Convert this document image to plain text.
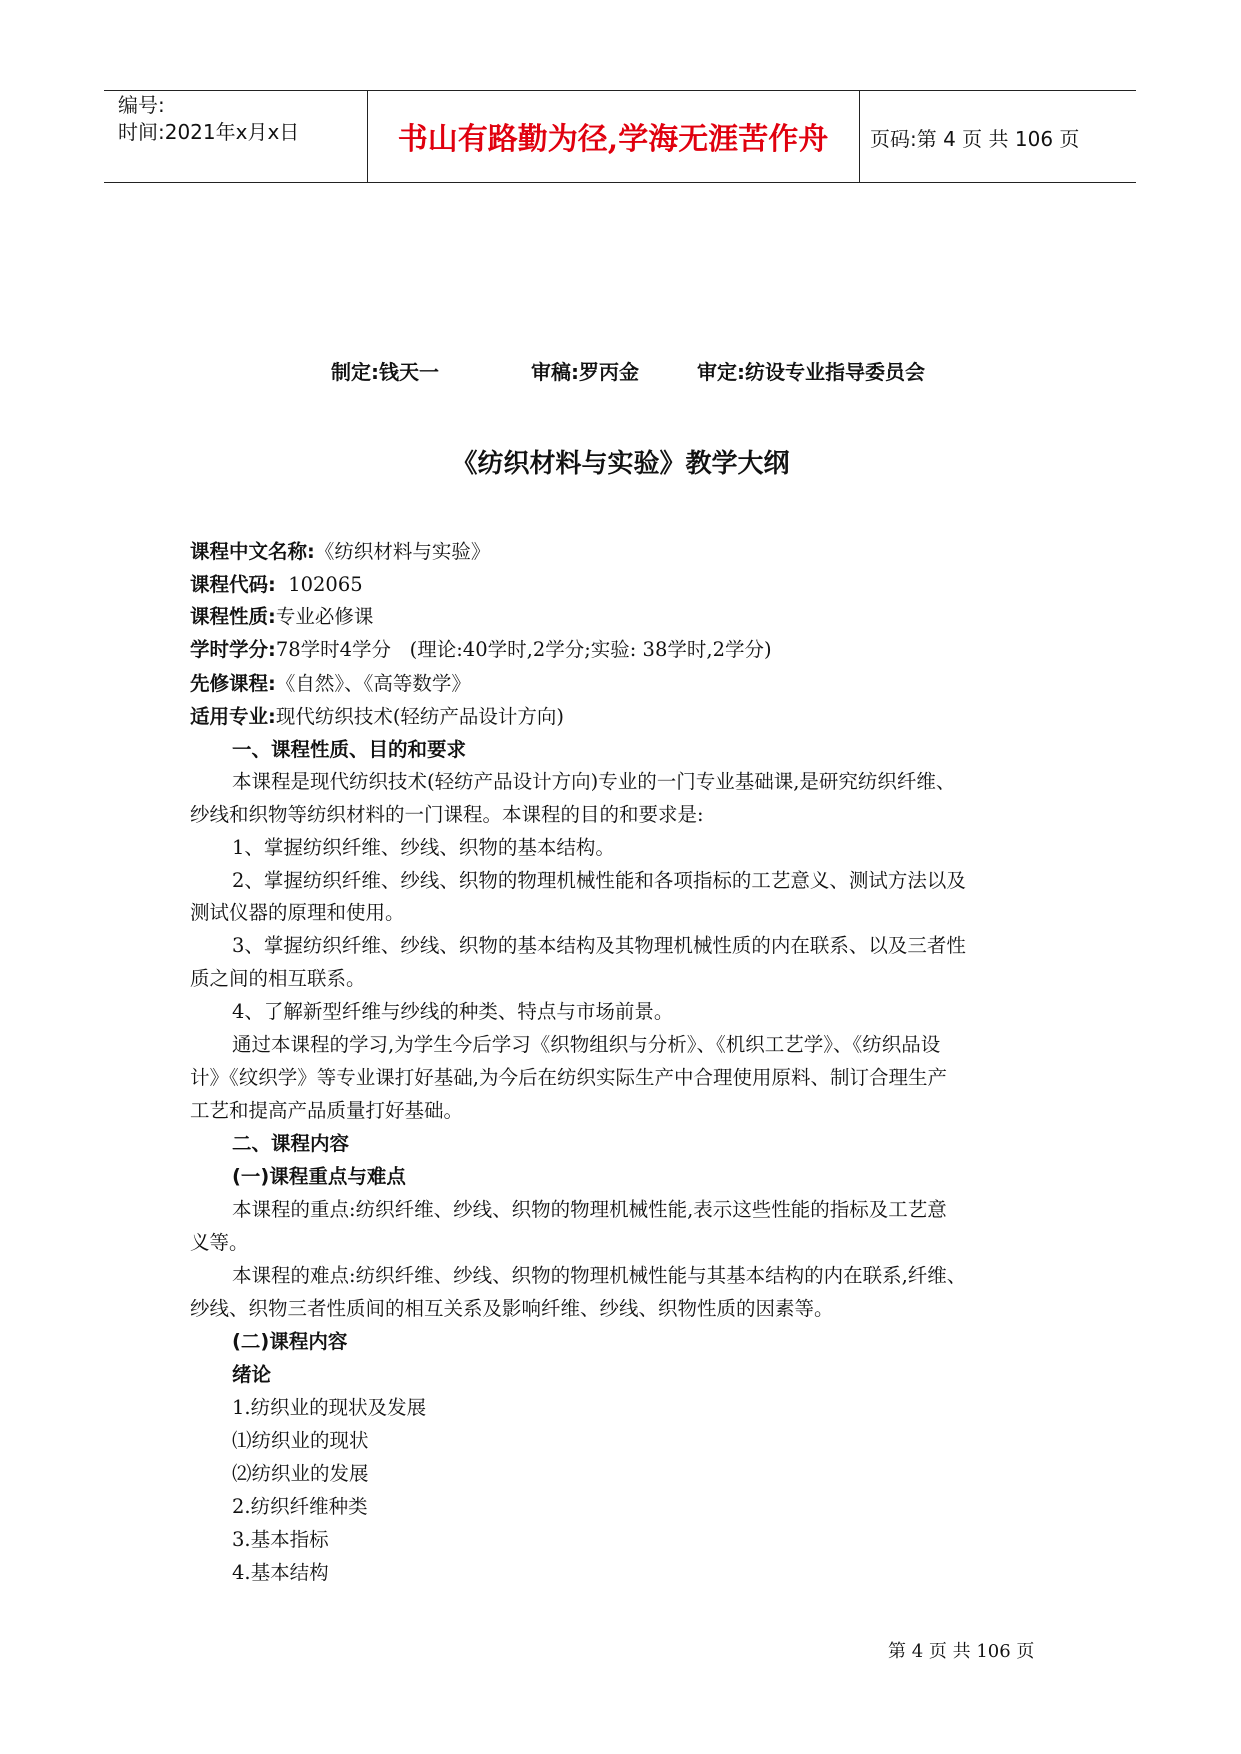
编号:
时间:2021年x月x日	书山有路勤为径,学海无涯苦作舟	页码:第 4 页 共 106 页
制定:钱天一	审稿:罗丙金	审定:纺设专业指导委员会
《纺织材料与实验》教学大纲
课程中文名称:《纺织材料与实验》
课程代码:  102065
课程性质:专业必修课
学时学分:78学时4学分   (理论:40学时,2学分;实验: 38学时,2学分)
先修课程:《自然》、《高等数学》
适用专业:现代纺织技术(轻纺产品设计方向)
一、课程性质、目的和要求
本课程是现代纺织技术(轻纺产品设计方向)专业的一门专业基础课,是研究纺织纤维、
纱线和织物等纺织材料的一门课程。本课程的目的和要求是:
1、掌握纺织纤维、纱线、织物的基本结构。
2、掌握纺织纤维、纱线、织物的物理机械性能和各项指标的工艺意义、测试方法以及
测试仪器的原理和使用。
3、掌握纺织纤维、纱线、织物的基本结构及其物理机械性质的内在联系、以及三者性
质之间的相互联系。
4、了解新型纤维与纱线的种类、特点与市场前景。
通过本课程的学习,为学生今后学习《织物组织与分析》、《机织工艺学》、《纺织品设
计》《纹织学》等专业课打好基础,为今后在纺织实际生产中合理使用原料、制订合理生产
工艺和提高产品质量打好基础。
二、课程内容
(一)课程重点与难点
本课程的重点:纺织纤维、纱线、织物的物理机械性能,表示这些性能的指标及工艺意
义等。
本课程的难点:纺织纤维、纱线、织物的物理机械性能与其基本结构的内在联系,纤维、
纱线、织物三者性质间的相互关系及影响纤维、纱线、织物性质的因素等。
(二)课程内容
绪论
1.纺织业的现状及发展
⑴纺织业的现状
⑵纺织业的发展
2.纺织纤维种类
3.基本指标
4.基本结构
第 4 页 共 106 页
